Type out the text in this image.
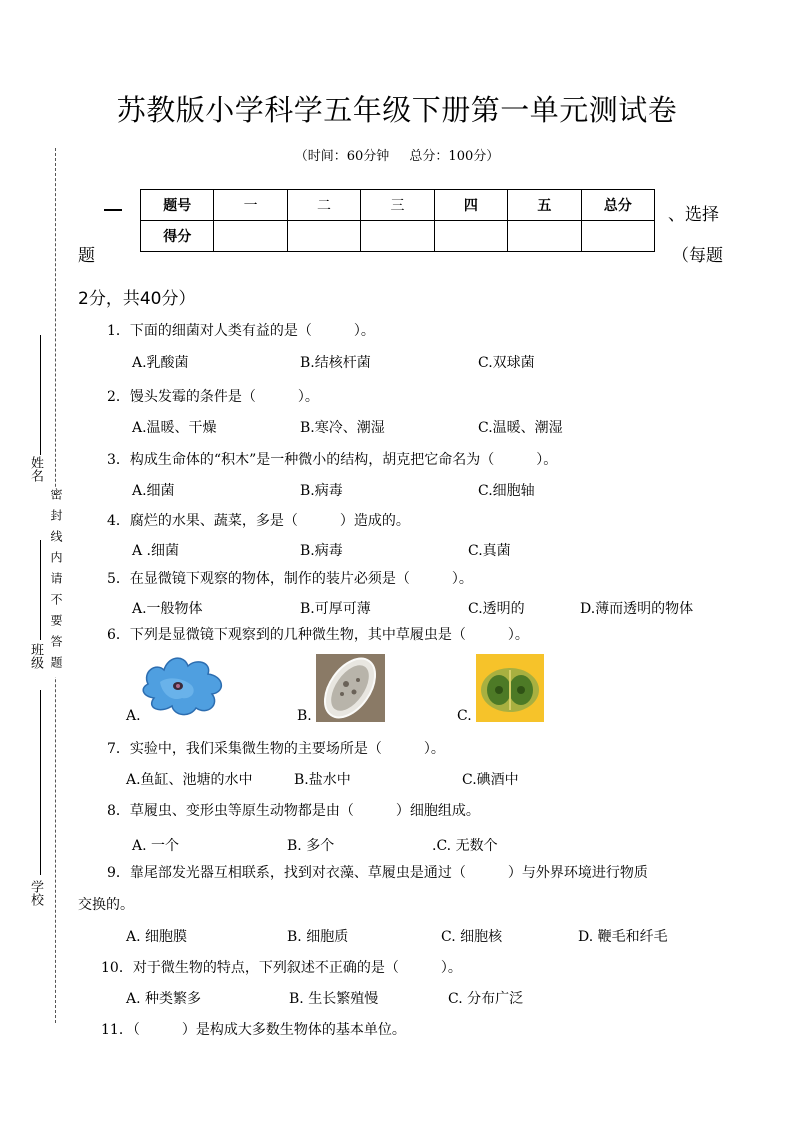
姓名
班级
学校
密封线内请不要答题
苏教版小学科学五年级下册第一单元测试卷
（时间：60分钟 总分：100分）
题号	一	二	三	四	五	总分
得分						
、选择
题	（每题
2分，共40分）
1．下面的细菌对人类有益的是（　　　）。
A.乳酸菌	B.结核杆菌	C.双球菌
2．馒头发霉的条件是（　　　）。
A.温暖、干燥	B.寒冷、潮湿	C.温暖、潮湿
3．构成生命体的“积木”是一种微小的结构，胡克把它命名为（　　　）。
A.细菌	B.病毒	C.细胞轴
4．腐烂的水果、蔬菜，多是（　　　）造成的。
A .细菌	B.病毒	C.真菌
5．在显微镜下观察的物体，制作的装片必须是（　　　）。
A.一般物体	B.可厚可薄	C.透明的	D.薄而透明的物体
6．下列是显微镜下观察到的几种微生物，其中草履虫是（　　　）。
A.	B.	C.
7．实验中，我们采集微生物的主要场所是（　　　）。
A.鱼缸、池塘的水中	B.盐水中	C.碘酒中
8．草履虫、变形虫等原生动物都是由（　　　）细胞组成。
A. 一个	B. 多个	.C. 无数个
9．靠尾部发光器互相联系，找到对衣藻、草履虫是通过（　　　）与外界环境进行物质
交换的。
A. 细胞膜	B. 细胞质	C. 细胞核	D. 鞭毛和纤毛
10．对于微生物的特点，下列叙述不正确的是（　　　）。
A. 种类繁多	B. 生长繁殖慢	C. 分布广泛
11．（　　　）是构成大多数生物体的基本单位。
